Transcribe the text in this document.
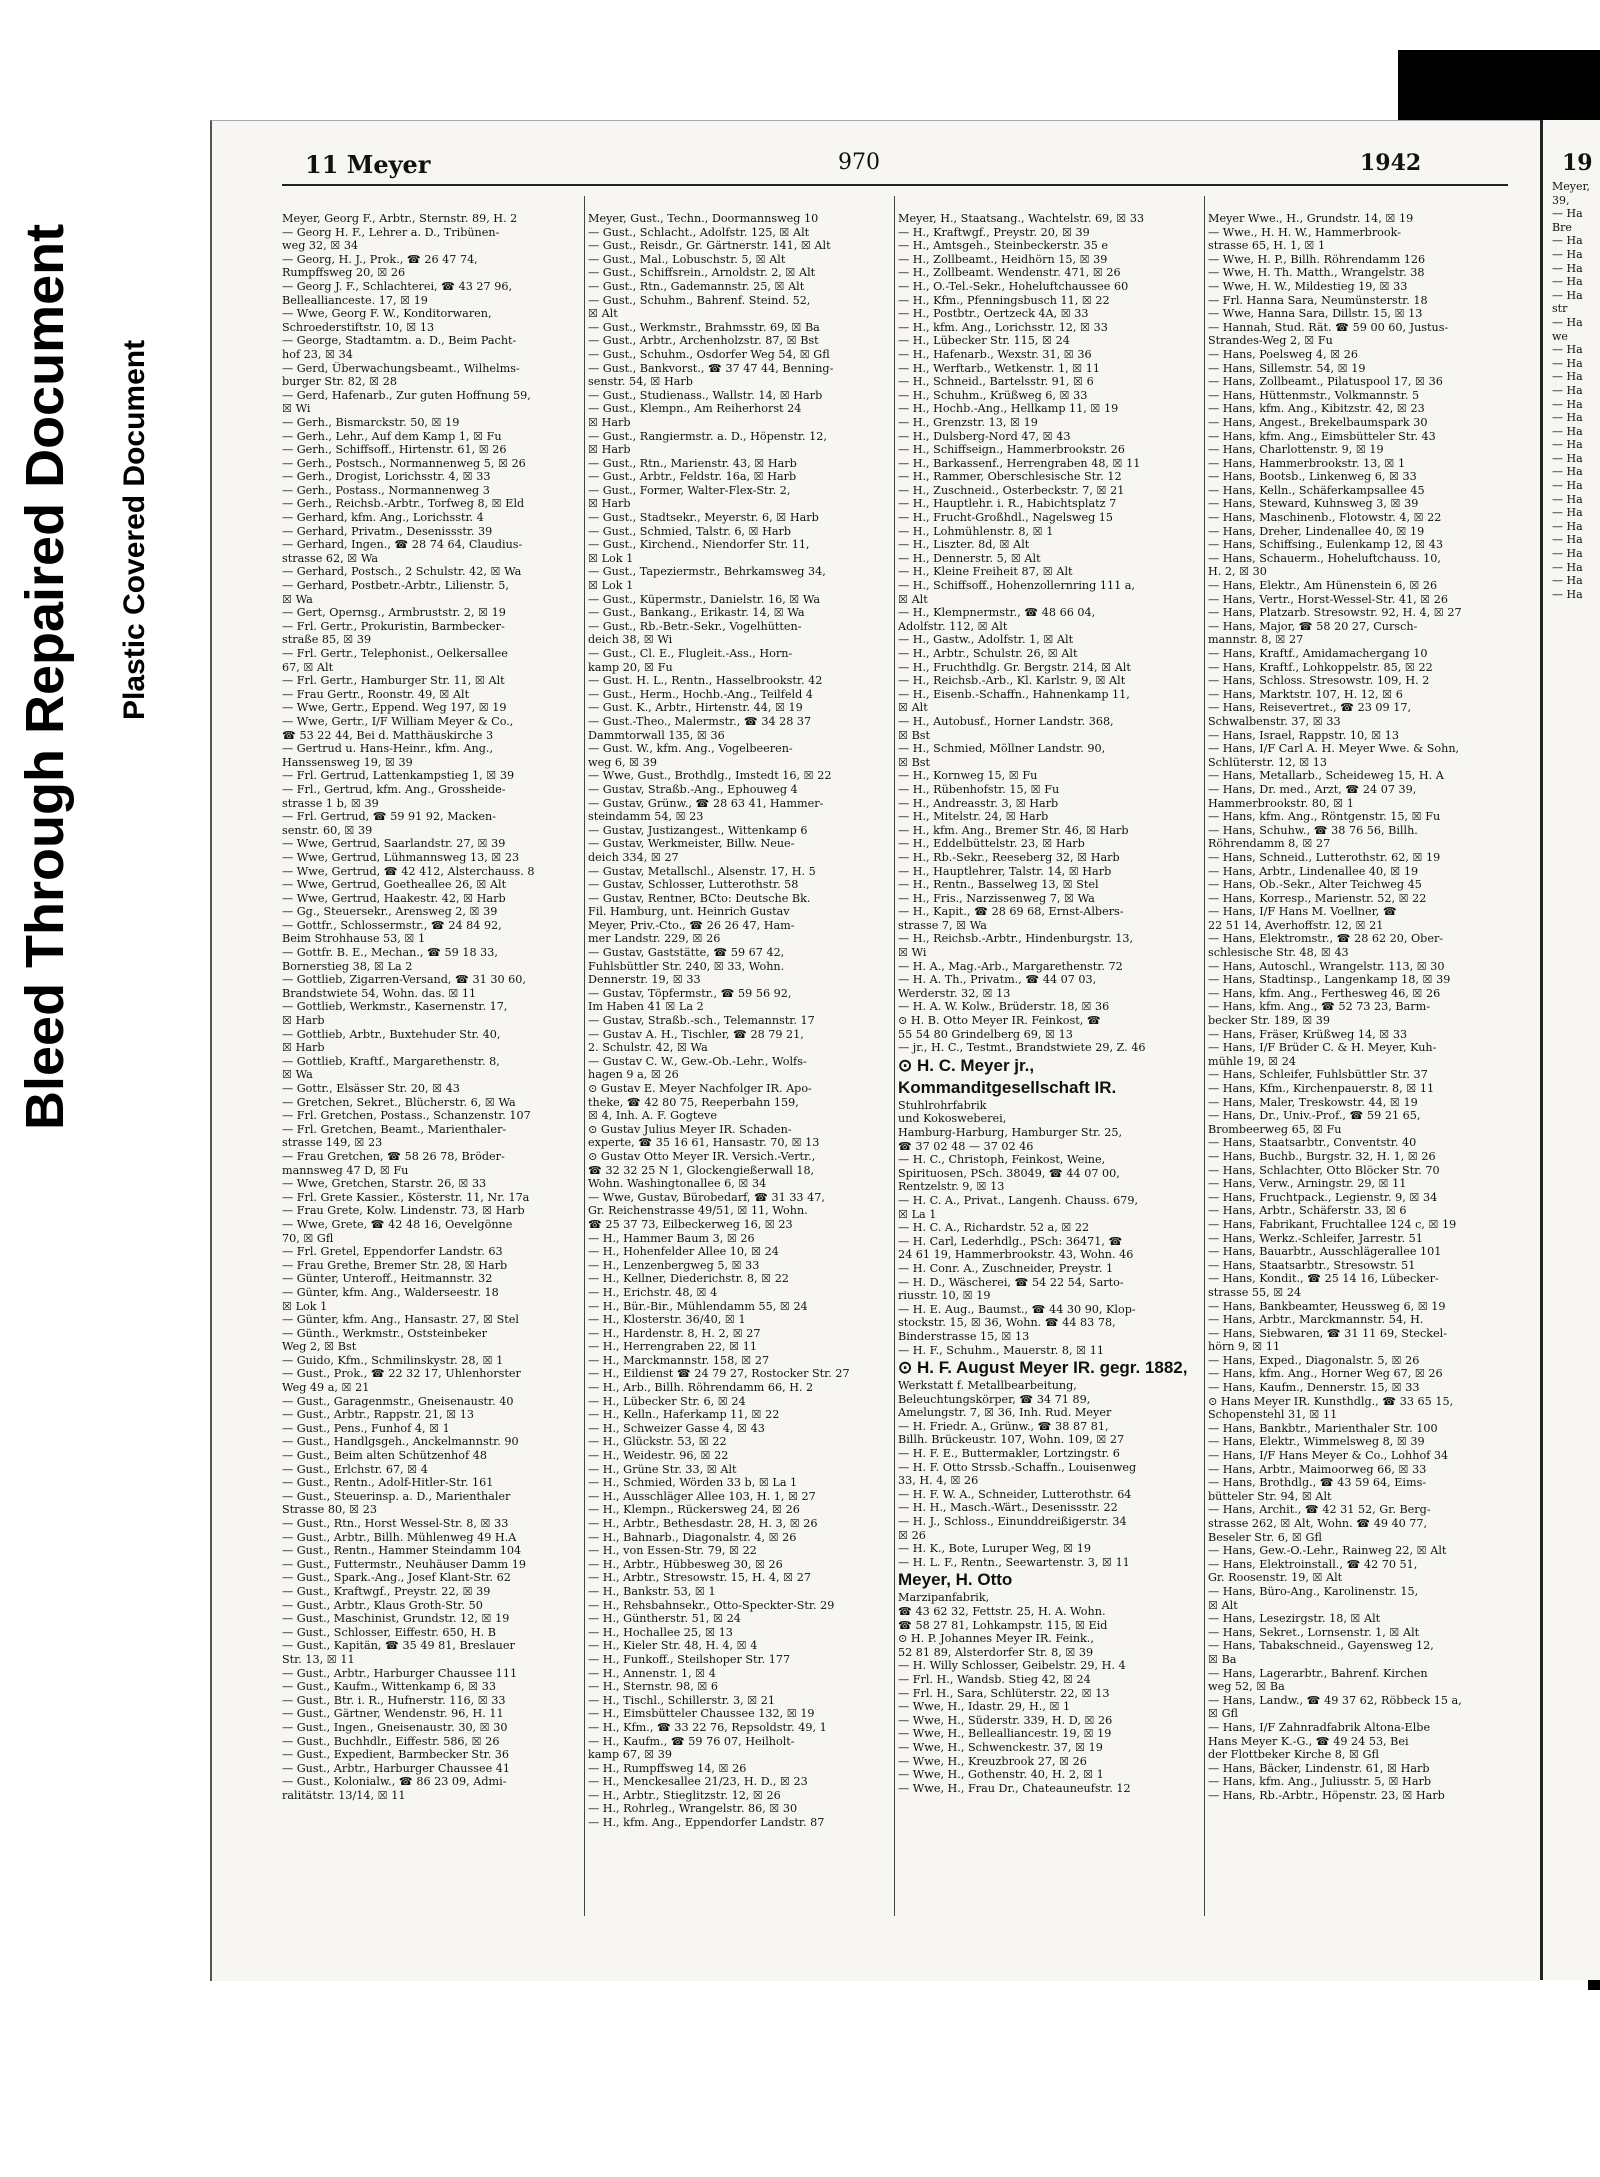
Bleed Through Repaired Document Plastic Covered Document
11 Meyer	970	1942	19

Meyer, Georg F., Arbtr., Sternstr. 89, H. 2

— Georg H. F., Lehrer a. D., Tribünen-

weg 32, ☒ 34

— Georg, H. J., Prok., ☎ 26 47 74,

Rumpffsweg 20, ☒ 26

— Georg J. F., Schlachterei, ☎ 43 27 96,

Belleallianceste. 17, ☒ 19

— Wwe, Georg F. W., Konditorwaren,

Schroederstiftstr. 10, ☒ 13

— George, Stadtamtm. a. D., Beim Pacht-

hof 23, ☒ 34

— Gerd, Überwachungsbeamt., Wilhelms-

burger Str. 82, ☒ 28

— Gerd, Hafenarb., Zur guten Hoffnung 59,

☒ Wi

— Gerh., Bismarckstr. 50, ☒ 19

— Gerh., Lehr., Auf dem Kamp 1, ☒ Fu

— Gerh., Schiffsoff., Hirtenstr. 61, ☒ 26

— Gerh., Postsch., Normannenweg 5, ☒ 26

— Gerh., Drogist, Lorichsstr. 4, ☒ 33

— Gerh., Postass., Normannenweg 3

— Gerh., Reichsb.-Arbtr., Torfweg 8, ☒ Eld

— Gerhard, kfm. Ang., Lorichsstr. 4

— Gerhard, Privatm., Desenissstr. 39

— Gerhard, Ingen., ☎ 28 74 64, Claudius-

strasse 62, ☒ Wa

— Gerhard, Postsch., 2 Schulstr. 42, ☒ Wa

— Gerhard, Postbetr.-Arbtr., Lilienstr. 5,

☒ Wa

— Gert, Opernsg., Armbruststr. 2, ☒ 19

— Frl. Gertr., Prokuristin, Barmbecker-

straße 85, ☒ 39

— Frl. Gertr., Telephonist., Oelkersallee

67, ☒ Alt

— Frl. Gertr., Hamburger Str. 11, ☒ Alt

— Frau Gertr., Roonstr. 49, ☒ Alt

— Wwe, Gertr., Eppend. Weg 197, ☒ 19

— Wwe, Gertr., I/F William Meyer & Co.,

☎ 53 22 44, Bei d. Matthäuskirche 3

— Gertrud u. Hans-Heinr., kfm. Ang.,

Hanssensweg 19, ☒ 39

— Frl. Gertrud, Lattenkampstieg 1, ☒ 39

— Frl., Gertrud, kfm. Ang., Grossheide-

strasse 1 b, ☒ 39

— Frl. Gertrud, ☎ 59 91 92, Macken-

senstr. 60, ☒ 39

— Wwe, Gertrud, Saarlandstr. 27, ☒ 39

— Wwe, Gertrud, Lühmannsweg 13, ☒ 23

— Wwe, Gertrud, ☎ 42 412, Alsterchauss. 8

— Wwe, Gertrud, Goetheallee 26, ☒ Alt

— Wwe, Gertrud, Haakestr. 42, ☒ Harb

— Gg., Steuersekr., Arensweg 2, ☒ 39

— Gottfr., Schlossermstr., ☎ 24 84 92,

Beim Strohhause 53, ☒ 1

— Gottfr. B. E., Mechan., ☎ 59 18 33,

Bornerstieg 38, ☒ La 2

— Gottlieb, Zigarren-Versand, ☎ 31 30 60,

Brandstwiete 54, Wohn. das. ☒ 11

— Gottlieb, Werkmstr., Kasernenstr. 17,

☒ Harb

— Gottlieb, Arbtr., Buxtehuder Str. 40,

☒ Harb

— Gottlieb, Kraftf., Margarethenstr. 8,

☒ Wa

— Gottr., Elsässer Str. 20, ☒ 43

— Gretchen, Sekret., Blücherstr. 6, ☒ Wa

— Frl. Gretchen, Postass., Schanzenstr. 107

— Frl. Gretchen, Beamt., Marienthaler-

strasse 149, ☒ 23

— Frau Gretchen, ☎ 58 26 78, Bröder-

mannsweg 47 D, ☒ Fu

— Wwe, Gretchen, Starstr. 26, ☒ 33

— Frl. Grete Kassier., Kösterstr. 11, Nr. 17a

— Frau Grete, Kolw. Lindenstr. 73, ☒ Harb

— Wwe, Grete, ☎ 42 48 16, Oevelgönne

70, ☒ Gfl

— Frl. Gretel, Eppendorfer Landstr. 63

— Frau Grethe, Bremer Str. 28, ☒ Harb

— Günter, Unteroff., Heitmannstr. 32

— Günter, kfm. Ang., Walderseestr. 18

☒ Lok 1

— Günter, kfm. Ang., Hansastr. 27, ☒ Stel

— Günth., Werkmstr., Oststeinbeker

Weg 2, ☒ Bst

— Guido, Kfm., Schmilinskystr. 28, ☒ 1

— Gust., Prok., ☎ 22 32 17, Uhlenhorster

Weg 49 a, ☒ 21

— Gust., Garagenmstr., Gneisenaustr. 40

— Gust., Arbtr., Rappstr. 21, ☒ 13

— Gust., Pens., Funhof 4, ☒ 1

— Gust., Handlgsgeh., Anckelmannstr. 90

— Gust., Beim alten Schützenhof 48

— Gust., Erlchstr. 67, ☒ 4

— Gust., Rentn., Adolf-Hitler-Str. 161

— Gust., Steuerinsp. a. D., Marienthaler

Strasse 80, ☒ 23

— Gust., Rtn., Horst Wessel-Str. 8, ☒ 33

— Gust., Arbtr., Billh. Mühlenweg 49 H.A

— Gust., Rentn., Hammer Steindamm 104

— Gust., Futtermstr., Neuhäuser Damm 19

— Gust., Spark.-Ang., Josef Klant-Str. 62

— Gust., Kraftwgf., Preystr. 22, ☒ 39

— Gust., Arbtr., Klaus Groth-Str. 50

— Gust., Maschinist, Grundstr. 12, ☒ 19

— Gust., Schlosser, Eiffestr. 650, H. B

— Gust., Kapitän, ☎ 35 49 81, Breslauer

Str. 13, ☒ 11

— Gust., Arbtr., Harburger Chaussee 111

— Gust., Kaufm., Wittenkamp 6, ☒ 33

— Gust., Btr. i. R., Hufnerstr. 116, ☒ 33

— Gust., Gärtner, Wendenstr. 96, H. 11

— Gust., Ingen., Gneisenaustr. 30, ☒ 30

— Gust., Buchhdlr., Eiffestr. 586, ☒ 26

— Gust., Expedient, Barmbecker Str. 36

— Gust., Arbtr., Harburger Chaussee 41

— Gust., Kolonialw., ☎ 86 23 09, Admi-

ralitätstr. 13/14, ☒ 11

Meyer, Gust., Techn., Doormannsweg 10

— Gust., Schlacht., Adolfstr. 125, ☒ Alt

— Gust., Reisdr., Gr. Gärtnerstr. 141, ☒ Alt

— Gust., Mal., Lobuschstr. 5, ☒ Alt

— Gust., Schiffsrein., Arnoldstr. 2, ☒ Alt

— Gust., Rtn., Gademannstr. 25, ☒ Alt

— Gust., Schuhm., Bahrenf. Steind. 52,

☒ Alt

— Gust., Werkmstr., Brahmsstr. 69, ☒ Ba

— Gust., Arbtr., Archenholzstr. 87, ☒ Bst

— Gust., Schuhm., Osdorfer Weg 54, ☒ Gfl

— Gust., Bankvorst., ☎ 37 47 44, Benning-

senstr. 54, ☒ Harb

— Gust., Studienass., Wallstr. 14, ☒ Harb

— Gust., Klempn., Am Reiherhorst 24

☒ Harb

— Gust., Rangiermstr. a. D., Höpenstr. 12,

☒ Harb

— Gust., Rtn., Marienstr. 43, ☒ Harb

— Gust., Arbtr., Feldstr. 16a, ☒ Harb

— Gust., Former, Walter-Flex-Str. 2,

☒ Harb

— Gust., Stadtsekr., Meyerstr. 6, ☒ Harb

— Gust., Schmied, Talstr. 6, ☒ Harb

— Gust., Kirchend., Niendorfer Str. 11,

☒ Lok 1

— Gust., Tapeziermstr., Behrkamsweg 34,

☒ Lok 1

— Gust., Küpermstr., Danielstr. 16, ☒ Wa

— Gust., Bankang., Erikastr. 14, ☒ Wa

— Gust., Rb.-Betr.-Sekr., Vogelhütten-

deich 38, ☒ Wi

— Gust., Cl. E., Flugleit.-Ass., Horn-

kamp 20, ☒ Fu

— Gust. H. L., Rentn., Hasselbrookstr. 42

— Gust., Herm., Hochb.-Ang., Teilfeld 4

— Gust. K., Arbtr., Hirtenstr. 44, ☒ 19

— Gust.-Theo., Malermstr., ☎ 34 28 37

Dammtorwall 135, ☒ 36

— Gust. W., kfm. Ang., Vogelbeeren-

weg 6, ☒ 39

— Wwe, Gust., Brothdlg., Imstedt 16, ☒ 22

— Gustav, Straßb.-Ang., Ephouweg 4

— Gustav, Grünw., ☎ 28 63 41, Hammer-

steindamm 54, ☒ 23

— Gustav, Justizangest., Wittenkamp 6

— Gustav, Werkmeister, Billw. Neue-

deich 334, ☒ 27

— Gustav, Metallschl., Alsenstr. 17, H. 5

— Gustav, Schlosser, Lutterothstr. 58

— Gustav, Rentner, BCto: Deutsche Bk.

Fil. Hamburg, unt. Heinrich Gustav

Meyer, Priv.-Cto., ☎ 26 26 47, Ham-

mer Landstr. 229, ☒ 26

— Gustav, Gaststätte, ☎ 59 67 42,

Fuhlsbüttler Str. 240, ☒ 33, Wohn.

Dennerstr. 19, ☒ 33

— Gustav, Töpfermstr., ☎ 59 56 92,

Im Haben 41 ☒ La 2

— Gustav, Straßb.-sch., Telemannstr. 17

— Gustav A. H., Tischler, ☎ 28 79 21,

2. Schulstr. 42, ☒ Wa

— Gustav C. W., Gew.-Ob.-Lehr., Wolfs-

hagen 9 a, ☒ 26

⊙ Gustav E. Meyer Nachfolger IR. Apo-

theke, ☎ 42 80 75, Reeperbahn 159,

☒ 4, Inh. A. F. Gogteve

⊙ Gustav Julius Meyer IR. Schaden-

experte, ☎ 35 16 61, Hansastr. 70, ☒ 13

⊙ Gustav Otto Meyer IR. Versich.-Vertr.,

☎ 32 32 25 N 1, Glockengießerwall 18,

Wohn. Washingtonallee 6, ☒ 34

— Wwe, Gustav, Bürobedarf, ☎ 31 33 47,

Gr. Reichenstrasse 49/51, ☒ 11, Wohn.

☎ 25 37 73, Eilbeckerweg 16, ☒ 23

— H., Hammer Baum 3, ☒ 26

— H., Hohenfelder Allee 10, ☒ 24

— H., Lenzenbergweg 5, ☒ 33

— H., Kellner, Diederichstr. 8, ☒ 22

— H., Erichstr. 48, ☒ 4

— H., Bür.-Bir., Mühlendamm 55, ☒ 24

— H., Klosterstr. 36/40, ☒ 1

— H., Hardenstr. 8, H. 2, ☒ 27

— H., Herrengraben 22, ☒ 11

— H., Marckmannstr. 158, ☒ 27

— H., Eildienst ☎ 24 79 27, Rostocker Str. 27

— H., Arb., Billh. Röhrendamm 66, H. 2

— H., Lübecker Str. 6, ☒ 24

— H., Kelln., Haferkamp 11, ☒ 22

— H., Schweizer Gasse 4, ☒ 43

— H., Glückstr. 53, ☒ 22

— H., Weidestr. 96, ☒ 22

— H., Grüne Str. 33, ☒ Alt

— H., Schmied, Wörden 33 b, ☒ La 1

— H., Ausschläger Allee 103, H. 1, ☒ 27

— H., Klempn., Rückersweg 24, ☒ 26

— H., Arbtr., Bethesdastr. 28, H. 3, ☒ 26

— H., Bahnarb., Diagonalstr. 4, ☒ 26

— H., von Essen-Str. 79, ☒ 22

— H., Arbtr., Hübbesweg 30, ☒ 26

— H., Arbtr., Stresowstr. 15, H. 4, ☒ 27

— H., Bankstr. 53, ☒ 1

— H., Rehsbahnsekr., Otto-Speckter-Str. 29

— H., Güntherstr. 51, ☒ 24

— H., Hochallee 25, ☒ 13

— H., Kieler Str. 48, H. 4, ☒ 4

— H., Funkoff., Steilshoper Str. 177

— H., Annenstr. 1, ☒ 4

— H., Sternstr. 98, ☒ 6

— H., Tischl., Schillerstr. 3, ☒ 21

— H., Eimsbütteler Chaussee 132, ☒ 19

— H., Kfm., ☎ 33 22 76, Repsoldstr. 49, 1

— H., Kaufm., ☎ 59 76 07, Heilholt-

kamp 67, ☒ 39

— H., Rumpffsweg 14, ☒ 26

— H., Menckesallee 21/23, H. D., ☒ 23

— H., Arbtr., Stieglitzstr. 12, ☒ 26

— H., Rohrleg., Wrangelstr. 86, ☒ 30

— H., kfm. Ang., Eppendorfer Landstr. 87

Meyer, H., Staatsang., Wachtelstr. 69, ☒ 33

— H., Kraftwgf., Preystr. 20, ☒ 39

— H., Amtsgeh., Steinbeckerstr. 35 e

— H., Zollbeamt., Heidhörn 15, ☒ 39

— H., Zollbeamt. Wendenstr. 471, ☒ 26

— H., O.-Tel.-Sekr., Hoheluftchaussee 60

— H., Kfm., Pfenningsbusch 11, ☒ 22

— H., Postbtr., Oertzeck 4A, ☒ 33

— H., kfm. Ang., Lorichsstr. 12, ☒ 33

— H., Lübecker Str. 115, ☒ 24

— H., Hafenarb., Wexstr. 31, ☒ 36

— H., Werftarb., Wetkenstr. 1, ☒ 11

— H., Schneid., Bartelsstr. 91, ☒ 6

— H., Schuhm., Krüßweg 6, ☒ 33

— H., Hochb.-Ang., Hellkamp 11, ☒ 19

— H., Grenzstr. 13, ☒ 19

— H., Dulsberg-Nord 47, ☒ 43

— H., Schiffseign., Hammerbrookstr. 26

— H., Barkassenf., Herrengraben 48, ☒ 11

— H., Rammer, Oberschlesische Str. 12

— H., Zuschneid., Osterbeckstr. 7, ☒ 21

— H., Hauptlehr. i. R., Habichtsplatz 7

— H., Frucht-Großhdl., Nagelsweg 15

— H., Lohmühlenstr. 8, ☒ 1

— H., Liszter. 8d, ☒ Alt

— H., Dennerstr. 5, ☒ Alt

— H., Kleine Freiheit 87, ☒ Alt

— H., Schiffsoff., Hohenzollernring 111 a,

☒ Alt

— H., Klempnermstr., ☎ 48 66 04,

Adolfstr. 112, ☒ Alt

— H., Gastw., Adolfstr. 1, ☒ Alt

— H., Arbtr., Schulstr. 26, ☒ Alt

— H., Fruchthdlg. Gr. Bergstr. 214, ☒ Alt

— H., Reichsb.-Arb., Kl. Karlstr. 9, ☒ Alt

— H., Eisenb.-Schaffn., Hahnenkamp 11,

☒ Alt

— H., Autobusf., Horner Landstr. 368,

☒ Bst

— H., Schmied, Möllner Landstr. 90,

☒ Bst

— H., Kornweg 15, ☒ Fu

— H., Rübenhofstr. 15, ☒ Fu

— H., Andreasstr. 3, ☒ Harb

— H., Mitelstr. 24, ☒ Harb

— H., kfm. Ang., Bremer Str. 46, ☒ Harb

— H., Eddelbüttelstr. 23, ☒ Harb

— H., Rb.-Sekr., Reeseberg 32, ☒ Harb

— H., Hauptlehrer, Talstr. 14, ☒ Harb

— H., Rentn., Basselweg 13, ☒ Stel

— H., Fris., Narzissenweg 7, ☒ Wa

— H., Kapit., ☎ 28 69 68, Ernst-Albers-

strasse 7, ☒ Wa

— H., Reichsb.-Arbtr., Hindenburgstr. 13,

☒ Wi

— H. A., Mag.-Arb., Margarethenstr. 72

— H. A. Th., Privatm., ☎ 44 07 03,

Werderstr. 32, ☒ 13

— H. A. W. Kolw., Brüderstr. 18, ☒ 36

⊙ H. B. Otto Meyer IR. Feinkost, ☎

55 54 80 Grindelberg 69, ☒ 13

— jr., H. C., Testmt., Brandstwiete 29, Z. 46

⊙ H. C. Meyer jr.,

Kommanditgesellschaft IR.

Stuhlrohrfabrik

und Kokosweberei,

Hamburg-Harburg, Hamburger Str. 25,

☎ 37 02 48 — 37 02 46

— H. C., Christoph, Feinkost, Weine,

Spirituosen, PSch. 38049, ☎ 44 07 00,

Rentzelstr. 9, ☒ 13

— H. C. A., Privat., Langenh. Chauss. 679,

☒ La 1

— H. C. A., Richardstr. 52 a, ☒ 22

— H. Carl, Lederhdlg., PSch: 36471, ☎

24 61 19, Hammerbrookstr. 43, Wohn. 46

— H. Conr. A., Zuschneider, Preystr. 1

— H. D., Wäscherei, ☎ 54 22 54, Sarto-

riusstr. 10, ☒ 19

— H. E. Aug., Baumst., ☎ 44 30 90, Klop-

stockstr. 15, ☒ 36, Wohn. ☎ 44 83 78,

Binderstrasse 15, ☒ 13

— H. F., Schuhm., Mauerstr. 8, ☒ 11

⊙ H. F. August Meyer IR. gegr. 1882,

Werkstatt f. Metallbearbeitung,

Beleuchtungskörper, ☎ 34 71 89,

Amelungstr. 7, ☒ 36, Inh. Rud. Meyer

— H. Friedr. A., Grünw., ☎ 38 87 81,

Billh. Brückeustr. 107, Wohn. 109, ☒ 27

— H. F. E., Buttermakler, Lortzingstr. 6

— H. F. Otto Strssb.-Schaffn., Louisenweg

33, H. 4, ☒ 26

— H. F. W. A., Schneider, Lutterothstr. 64

— H. H., Masch.-Wärt., Desenissstr. 22

— H. J., Schloss., Einunddreißigerstr. 34

☒ 26

— H. K., Bote, Luruper Weg, ☒ 19

— H. L. F., Rentn., Seewartenstr. 3, ☒ 11

Meyer, H. Otto

Marzipanfabrik,

☎ 43 62 32, Fettstr. 25, H. A. Wohn.

☎ 58 27 81, Lohkampstr. 115, ☒ Eid

⊙ H. P. Johannes Meyer IR. Feink.,

52 81 89, Alsterdorfer Str. 8, ☒ 39

— H. Willy Schlosser, Geibelstr. 29, H. 4

— Frl. H., Wandsb. Stieg 42, ☒ 24

— Frl. H., Sara, Schlüterstr. 22, ☒ 13

— Wwe, H., Idastr. 29, H., ☒ 1

— Wwe, H., Süderstr. 339, H. D, ☒ 26

— Wwe, H., Bellealliancestr. 19, ☒ 19

— Wwe, H., Schwenckestr. 37, ☒ 19

— Wwe, H., Kreuzbrook 27, ☒ 26

— Wwe, H., Gothenstr. 40, H. 2, ☒ 1

— Wwe, H., Frau Dr., Chateauneufstr. 12

Meyer Wwe., H., Grundstr. 14, ☒ 19

— Wwe., H. H. W., Hammerbrook-

strasse 65, H. 1, ☒ 1

— Wwe, H. P., Billh. Röhrendamm 126

— Wwe, H. Th. Matth., Wrangelstr. 38

— Wwe, H. W., Mildestieg 19, ☒ 33

— Frl. Hanna Sara, Neumünsterstr. 18

— Wwe, Hanna Sara, Dillstr. 15, ☒ 13

— Hannah, Stud. Rät. ☎ 59 00 60, Justus-

Strandes-Weg 2, ☒ Fu

— Hans, Poelsweg 4, ☒ 26

— Hans, Sillemstr. 54, ☒ 19

— Hans, Zollbeamt., Pilatuspool 17, ☒ 36

— Hans, Hüttenmstr., Volkmannstr. 5

— Hans, kfm. Ang., Kibitzstr. 42, ☒ 23

— Hans, Angest., Brekelbaumspark 30

— Hans, kfm. Ang., Eimsbütteler Str. 43

— Hans, Charlottenstr. 9, ☒ 19

— Hans, Hammerbrookstr. 13, ☒ 1

— Hans, Bootsb., Linkenweg 6, ☒ 33

— Hans, Kelln., Schäferkampsallee 45

— Hans, Steward, Kuhnsweg 3, ☒ 39

— Hans, Maschinenb., Flotowstr. 4, ☒ 22

— Hans, Dreher, Lindenallee 40, ☒ 19

— Hans, Schiffsing., Eulenkamp 12, ☒ 43

— Hans, Schauerm., Hoheluftchauss. 10,

H. 2, ☒ 30

— Hans, Elektr., Am Hünenstein 6, ☒ 26

— Hans, Vertr., Horst-Wessel-Str. 41, ☒ 26

— Hans, Platzarb. Stresowstr. 92, H. 4, ☒ 27

— Hans, Major, ☎ 58 20 27, Cursch-

mannstr. 8, ☒ 27

— Hans, Kraftf., Amidamachergang 10

— Hans, Kraftf., Lohkoppelstr. 85, ☒ 22

— Hans, Schloss. Stresowstr. 109, H. 2

— Hans, Marktstr. 107, H. 12, ☒ 6

— Hans, Reisevertret., ☎ 23 09 17,

Schwalbenstr. 37, ☒ 33

— Hans, Israel, Rappstr. 10, ☒ 13

— Hans, I/F Carl A. H. Meyer Wwe. & Sohn,

Schlüterstr. 12, ☒ 13

— Hans, Metallarb., Scheideweg 15, H. A

— Hans, Dr. med., Arzt, ☎ 24 07 39,

Hammerbrookstr. 80, ☒ 1

— Hans, kfm. Ang., Röntgenstr. 15, ☒ Fu

— Hans, Schuhw., ☎ 38 76 56, Billh.

Röhrendamm 8, ☒ 27

— Hans, Schneid., Lutterothstr. 62, ☒ 19

— Hans, Arbtr., Lindenallee 40, ☒ 19

— Hans, Ob.-Sekr., Alter Teichweg 45

— Hans, Korresp., Marienstr. 52, ☒ 22

— Hans, I/F Hans M. Voellner, ☎

22 51 14, Averhoffstr. 12, ☒ 21

— Hans, Elektromstr., ☎ 28 62 20, Ober-

schlesische Str. 48, ☒ 43

— Hans, Autoschl., Wrangelstr. 113, ☒ 30

— Hans, Stadtinsp., Langenkamp 18, ☒ 39

— Hans, kfm. Ang., Ferthesweg 46, ☒ 26

— Hans, kfm. Ang., ☎ 52 73 23, Barm-

becker Str. 189, ☒ 39

— Hans, Fräser, Krüßweg 14, ☒ 33

— Hans, I/F Brüder C. & H. Meyer, Kuh-

mühle 19, ☒ 24

— Hans, Schleifer, Fuhlsbüttler Str. 37

— Hans, Kfm., Kirchenpauerstr. 8, ☒ 11

— Hans, Maler, Treskowstr. 44, ☒ 19

— Hans, Dr., Univ.-Prof., ☎ 59 21 65,

Brombeerweg 65, ☒ Fu

— Hans, Staatsarbtr., Conventstr. 40

— Hans, Buchb., Burgstr. 32, H. 1, ☒ 26

— Hans, Schlachter, Otto Blöcker Str. 70

— Hans, Verw., Arningstr. 29, ☒ 11

— Hans, Fruchtpack., Legienstr. 9, ☒ 34

— Hans, Arbtr., Schäferstr. 33, ☒ 6

— Hans, Fabrikant, Fruchtallee 124 c, ☒ 19

— Hans, Werkz.-Schleifer, Jarrestr. 51

— Hans, Bauarbtr., Ausschlägerallee 101

— Hans, Staatsarbtr., Stresowstr. 51

— Hans, Kondit., ☎ 25 14 16, Lübecker-

strasse 55, ☒ 24

— Hans, Bankbeamter, Heussweg 6, ☒ 19

— Hans, Arbtr., Marckmannstr. 54, H.

— Hans, Siebwaren, ☎ 31 11 69, Steckel-

hörn 9, ☒ 11

— Hans, Exped., Diagonalstr. 5, ☒ 26

— Hans, kfm. Ang., Horner Weg 67, ☒ 26

— Hans, Kaufm., Dennerstr. 15, ☒ 33

⊙ Hans Meyer IR. Kunsthdlg., ☎ 33 65 15,

Schopenstehl 31, ☒ 11

— Hans, Bankbtr., Marienthaler Str. 100

— Hans, Elektr., Wimmelsweg 8, ☒ 39

— Hans, I/F Hans Meyer & Co., Lohhof 34

— Hans, Arbtr., Maimoorweg 66, ☒ 33

— Hans, Brothdlg., ☎ 43 59 64, Eims-

bütteler Str. 94, ☒ Alt

— Hans, Archit., ☎ 42 31 52, Gr. Berg-

strasse 262, ☒ Alt, Wohn. ☎ 49 40 77,

Beseler Str. 6, ☒ Gfl

— Hans, Gew.-O.-Lehr., Rainweg 22, ☒ Alt

— Hans, Elektroinstall., ☎ 42 70 51,

Gr. Roosenstr. 19, ☒ Alt

— Hans, Büro-Ang., Karolinenstr. 15,

☒ Alt

— Hans, Lesezirgstr. 18, ☒ Alt

— Hans, Sekret., Lornsenstr. 1, ☒ Alt

— Hans, Tabakschneid., Gayensweg 12,

☒ Ba

— Hans, Lagerarbtr., Bahrenf. Kirchen

weg 52, ☒ Ba

— Hans, Landw., ☎ 49 37 62, Röbbeck 15 a,

☒ Gfl

— Hans, I/F Zahnradfabrik Altona-Elbe

Hans Meyer K.-G., ☎ 49 24 53, Bei

der Flottbeker Kirche 8, ☒ Gfl

— Hans, Bäcker, Lindenstr. 61, ☒ Harb

— Hans, kfm. Ang., Juliusstr. 5, ☒ Harb

— Hans, Rb.-Arbtr., Höpenstr. 23, ☒ Harb

Meyer,

39,

— Ha

Bre

— Ha

— Ha

— Ha

— Ha

— Ha

str

— Ha

we

— Ha

— Ha

— Ha

— Ha

— Ha

— Ha

— Ha

— Ha

— Ha

— Ha

— Ha

— Ha

— Ha

— Ha

— Ha

— Ha

— Ha

— Ha

— Ha
